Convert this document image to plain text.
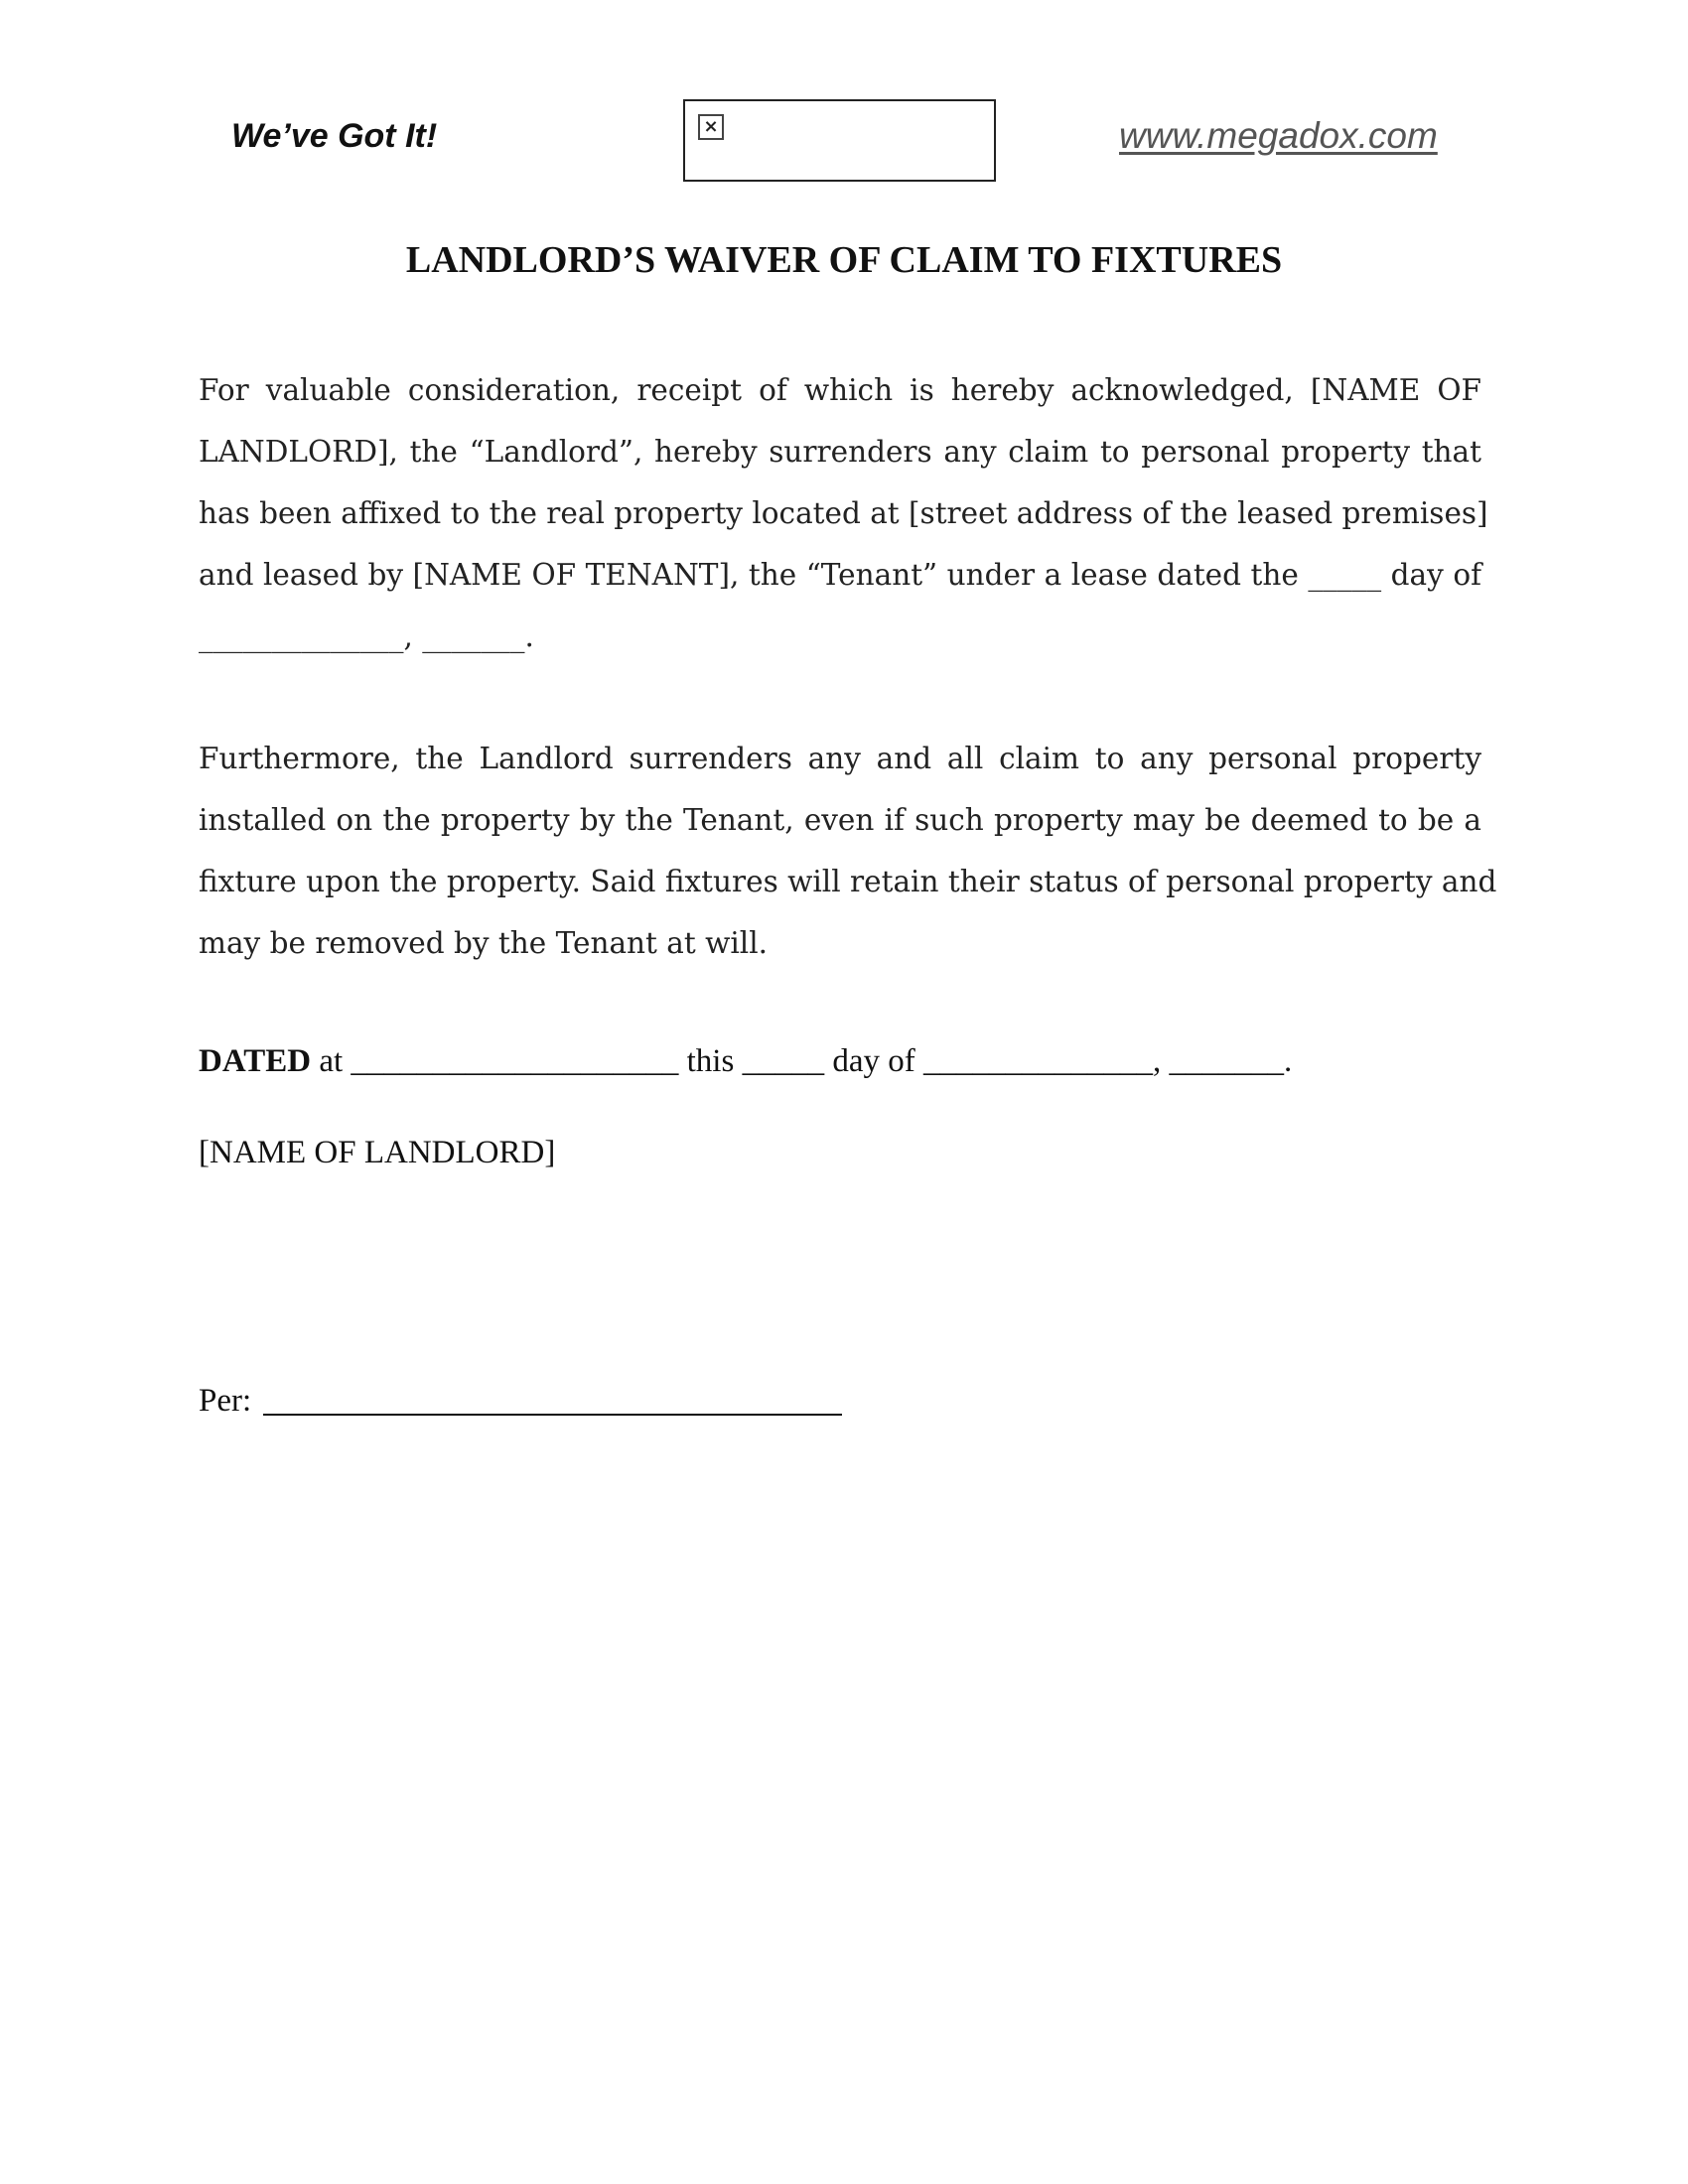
We’ve Got It!	×	www.megadox.com
LANDLORD’S WAIVER OF CLAIM TO FIXTURES
For valuable consideration, receipt of which is hereby acknowledged, [NAME OF
LANDLORD], the “Landlord”, hereby surrenders any claim to personal property that
has been affixed to the real property located at [street address of the leased premises]
and leased by [NAME OF TENANT], the “Tenant” under a lease dated the _____ day of
______________, _______.
Furthermore, the Landlord surrenders any and all claim to any personal property
installed on the property by the Tenant, even if such property may be deemed to be a
fixture upon the property. Said fixtures will retain their status of personal property and
may be removed by the Tenant at will.
DATED at ____________________ this _____ day of ______________, _______.
[NAME OF LANDLORD]
Per:
